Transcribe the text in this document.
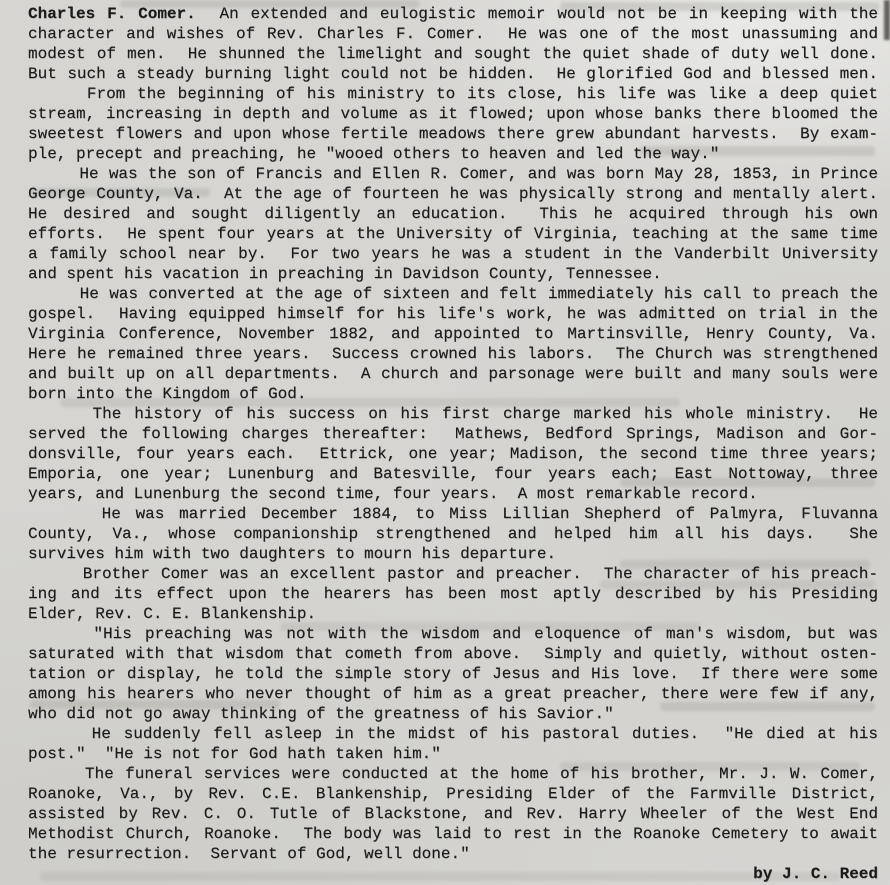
Charles F. Comer.  An extended and eulogistic memoir would not be in keeping with the
character and wishes of Rev. Charles F. Comer.  He was one of the most unassuming and
modest of men.  He shunned the limelight and sought the quiet shade of duty well done.
But such a steady burning light could not be hidden.  He glorified God and blessed men.
From the beginning of his ministry to its close, his life was like a deep quiet
stream, increasing in depth and volume as it flowed; upon whose banks there bloomed the
sweetest flowers and upon whose fertile meadows there grew abundant harvests.  By exam-
ple, precept and preaching, he "wooed others to heaven and led the way."
He was the son of Francis and Ellen R. Comer, and was born May 28, 1853, in Prince
George County, Va.  At the age of fourteen he was physically strong and mentally alert.
He desired and sought diligently an education.  This he acquired through his own
efforts.  He spent four years at the University of Virginia, teaching at the same time
a family school near by.  For two years he was a student in the Vanderbilt University
and spent his vacation in preaching in Davidson County, Tennessee.
He was converted at the age of sixteen and felt immediately his call to preach the
gospel.  Having equipped himself for his life's work, he was admitted on trial in the
Virginia Conference, November 1882, and appointed to Martinsville, Henry County, Va.
Here he remained three years.  Success crowned his labors.  The Church was strengthened
and built up on all departments.  A church and parsonage were built and many souls were
born into the Kingdom of God.
The history of his success on his first charge marked his whole ministry.  He
served the following charges thereafter:  Mathews, Bedford Springs, Madison and Gor-
donsville, four years each.  Ettrick, one year; Madison, the second time three years;
Emporia, one year; Lunenburg and Batesville, four years each; East Nottoway, three
years, and Lunenburg the second time, four years.  A most remarkable record.
He was married December 1884, to Miss Lillian Shepherd of Palmyra, Fluvanna
County, Va., whose companionship strengthened and helped him all his days.  She
survives him with two daughters to mourn his departure.
Brother Comer was an excellent pastor and preacher.  The character of his preach-
ing and its effect upon the hearers has been most aptly described by his Presiding
Elder, Rev. C. E. Blankenship.
"His preaching was not with the wisdom and eloquence of man's wisdom, but was
saturated with that wisdom that cometh from above.  Simply and quietly, without osten-
tation or display, he told the simple story of Jesus and His love.  If there were some
among his hearers who never thought of him as a great preacher, there were few if any,
who did not go away thinking of the greatness of his Savior."
He suddenly fell asleep in the midst of his pastoral duties.  "He died at his
post."  "He is not for God hath taken him."
The funeral services were conducted at the home of his brother, Mr. J. W. Comer,
Roanoke, Va., by Rev. C.E. Blankenship, Presiding Elder of the Farmville District,
assisted by Rev. C. O. Tutle of Blackstone, and Rev. Harry Wheeler of the West End
Methodist Church, Roanoke.  The body was laid to rest in the Roanoke Cemetery to await
the resurrection.  Servant of God, well done."
by J. C. Reed
